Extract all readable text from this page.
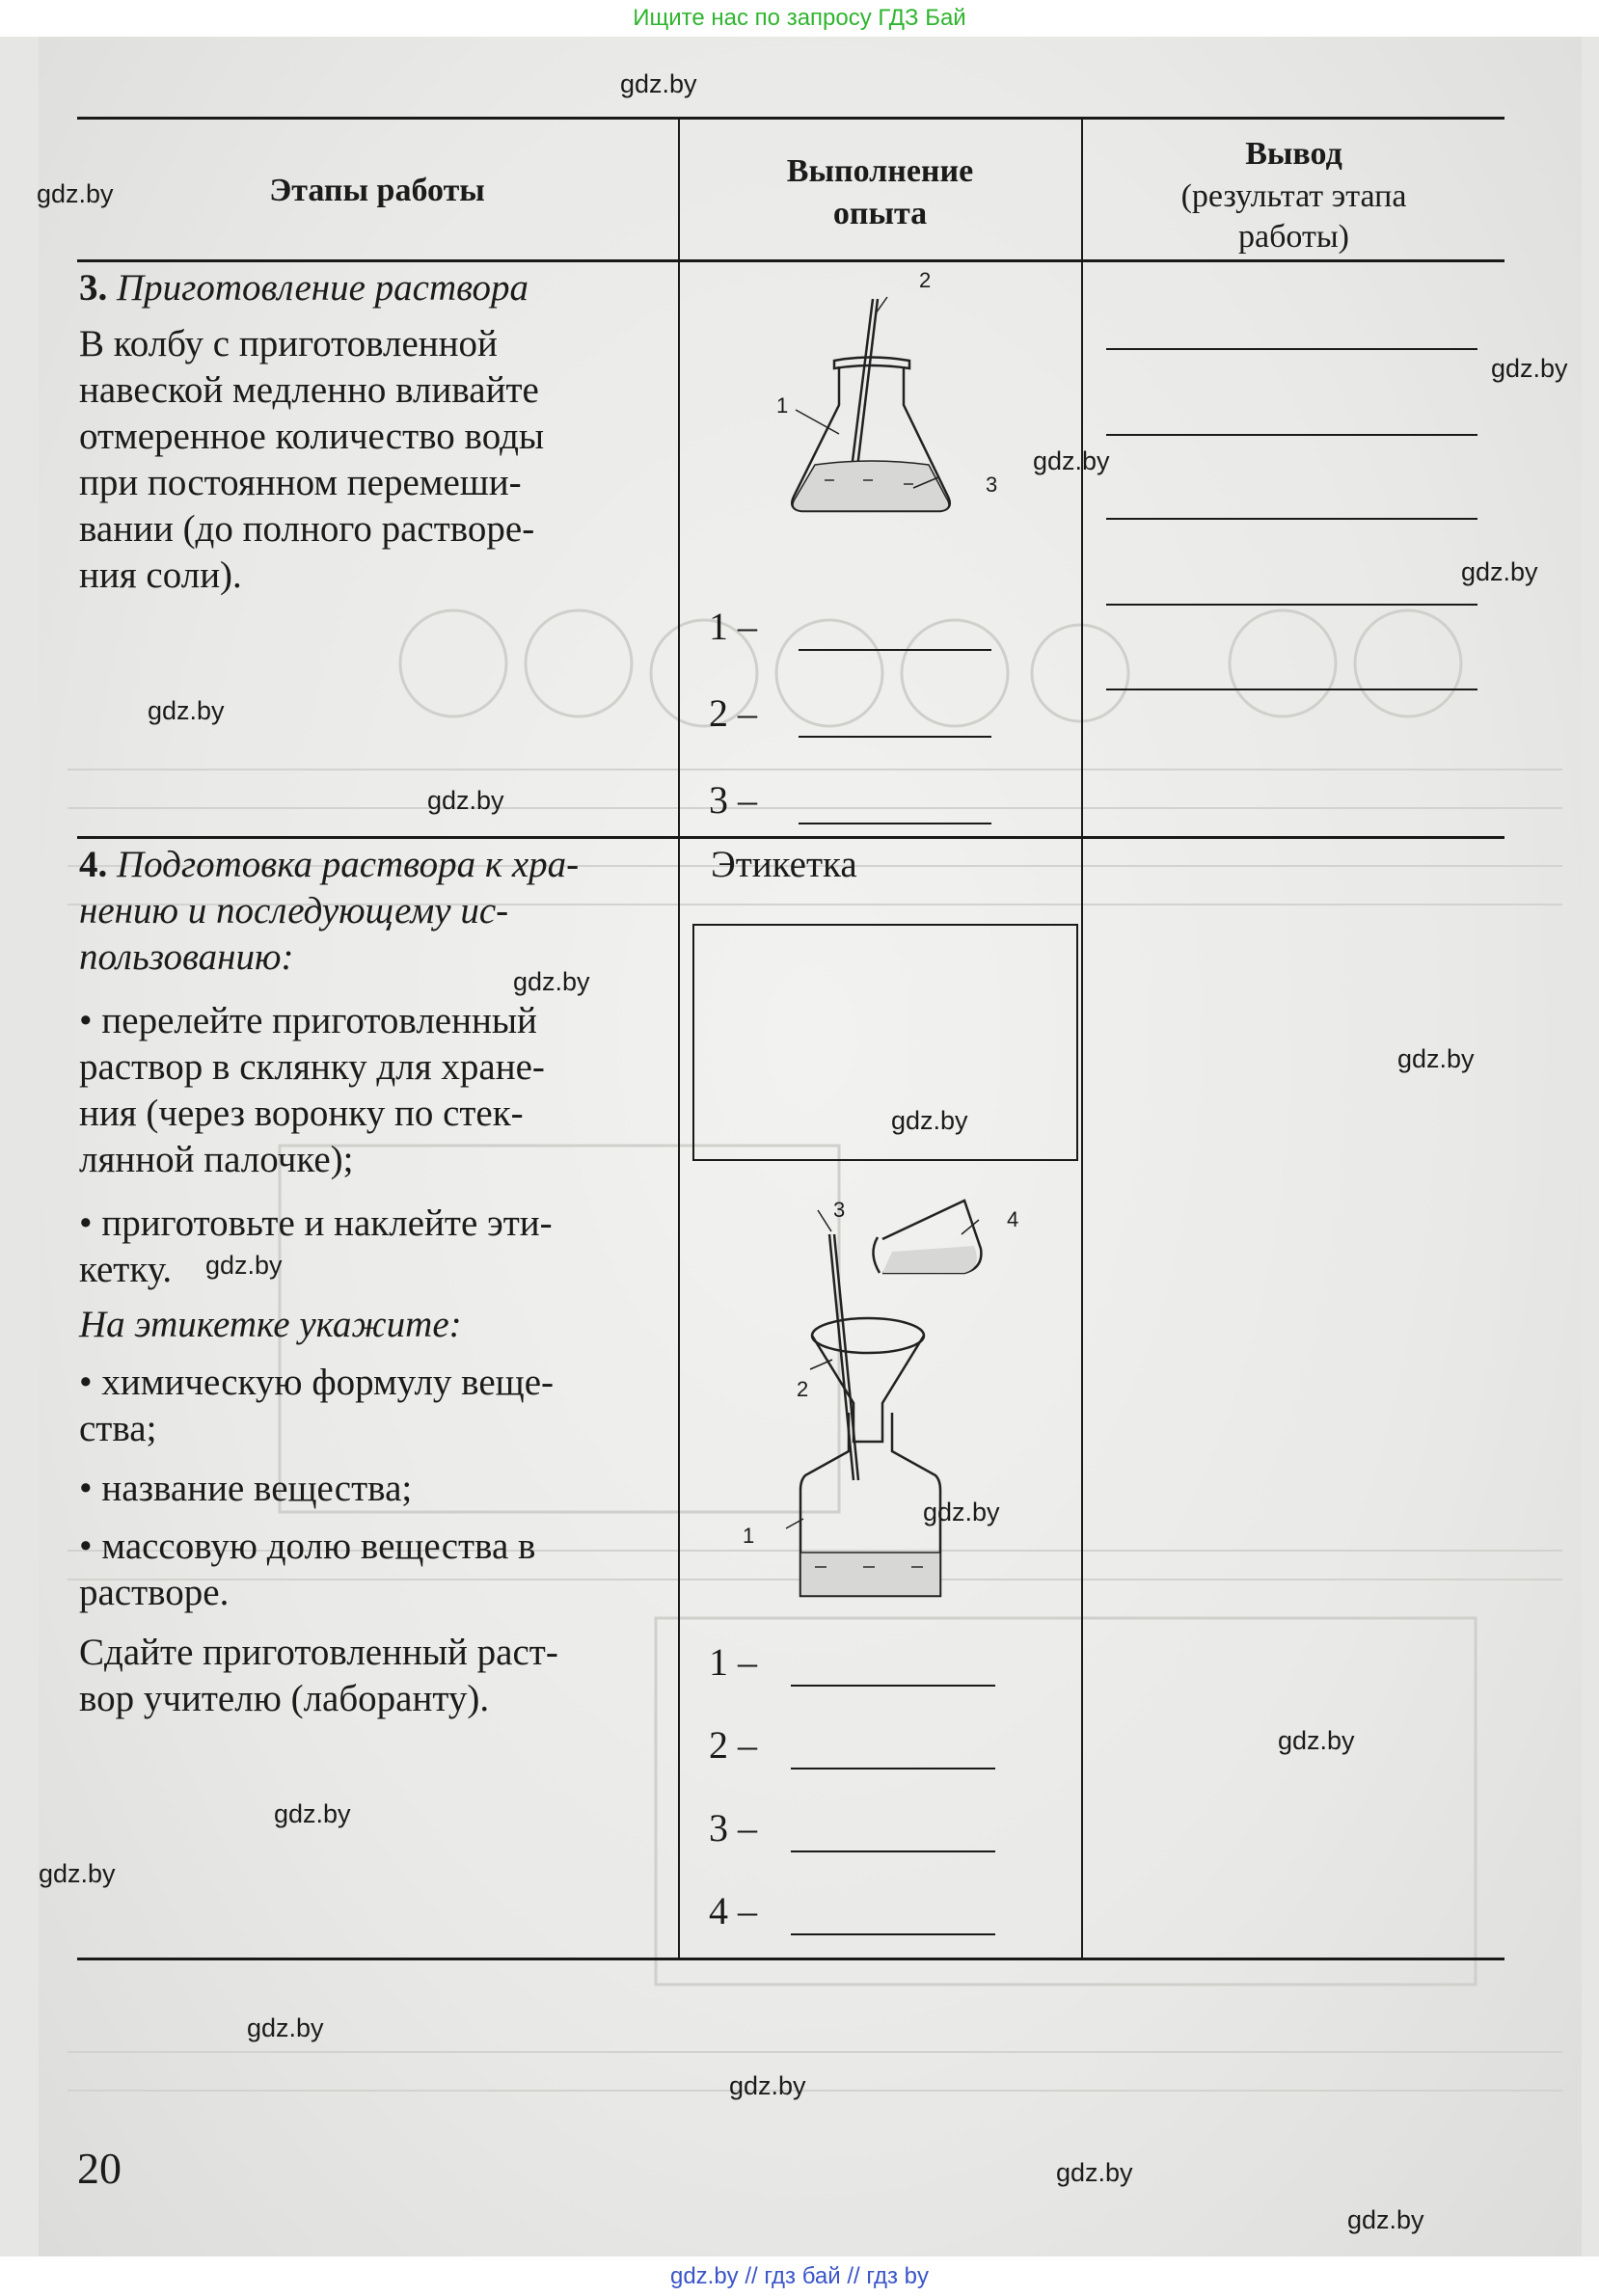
Ищите нас по запросу ГДЗ Бай
gdz.by // гдз бай // гдз by
Этапы работы
Выполнение
опыта
Вывод
(результат этапа
работы)
3. Приготовление раствора
В колбу с приготовленной
навеской медленно вливайте
отмеренное количество воды
при постоянном перемеши-
вании (до полного растворе-
ния соли).
1
2
3
1 –
2 –
3 –
4. Подготовка раствора к хра-
нению и последующему ис-
пользованию:
• перелейте приготовленный
раствор в склянку для хране-
ния (через воронку по стек-
лянной палочке);
• приготовьте и наклейте эти-
кетку.
На этикетке укажите:
• химическую формулу веще-
ства;
• название вещества;
• массовую долю вещества в
растворе.
Сдайте приготовленный раст-
вор учителю (лаборанту).
Этикетка
3	4
2
1
1 –
2 –
3 –
4 –
gdz.by
gdz.by
gdz.by
gdz.by
gdz.by
gdz.by
gdz.by
gdz.by
gdz.by
gdz.by
gdz.by
gdz.by
gdz.by
gdz.by
gdz.by
gdz.by
gdz.by
gdz.by
gdz.by
20
